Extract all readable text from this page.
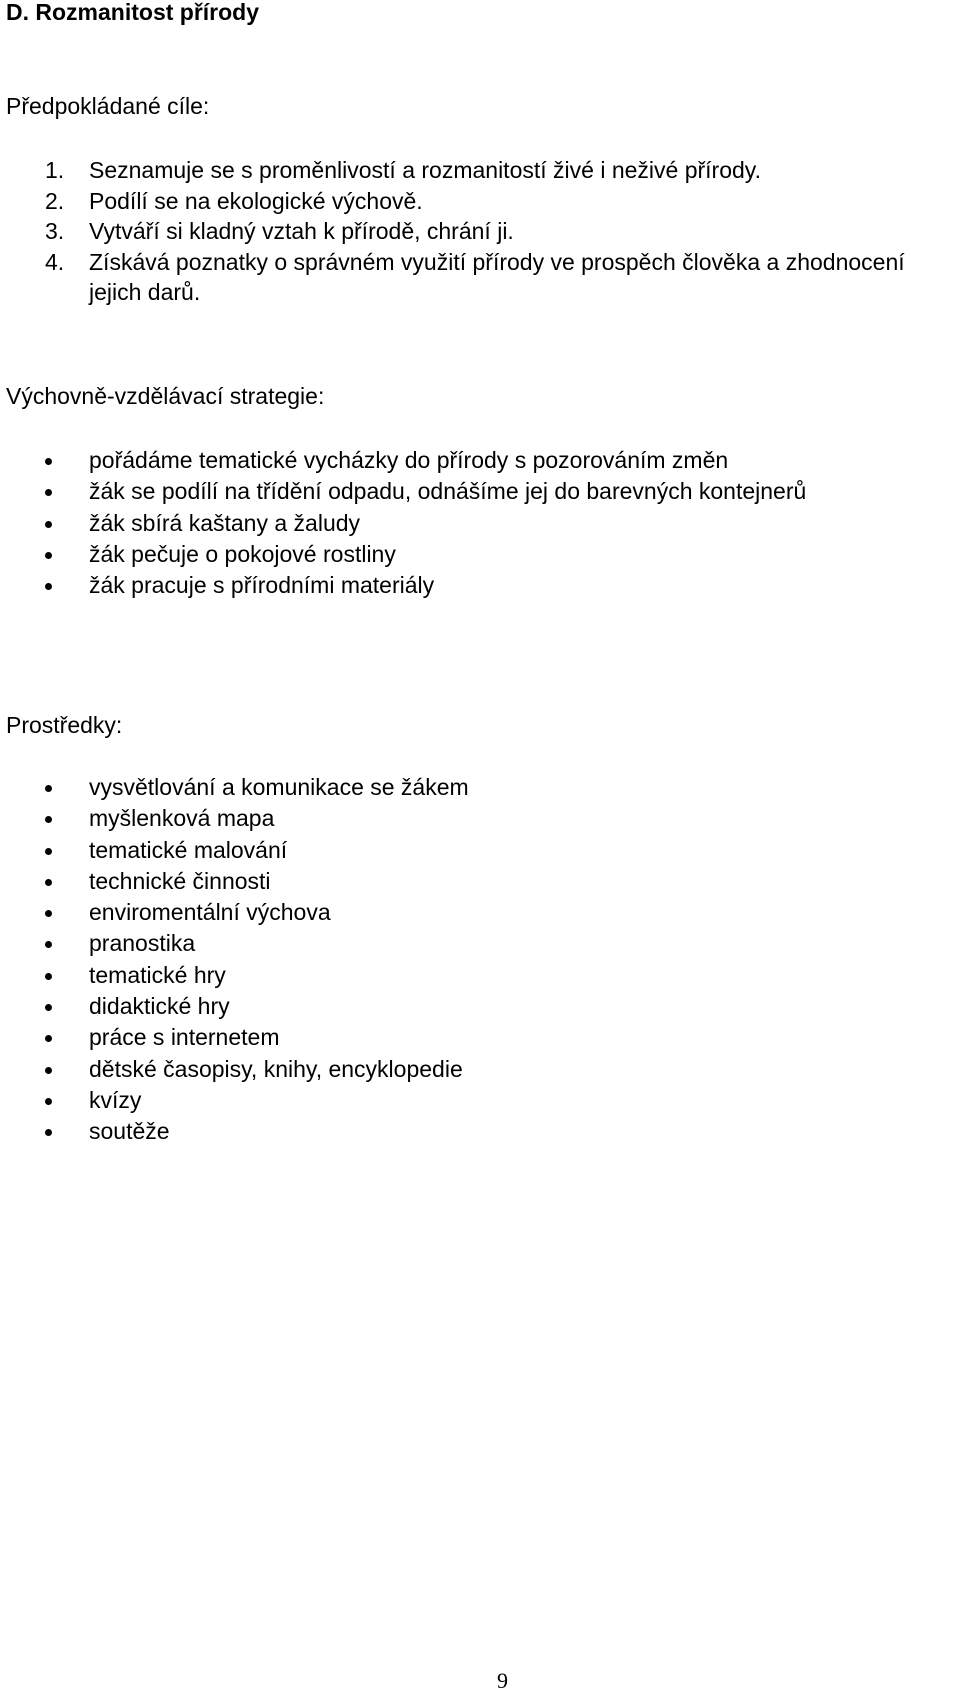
D. Rozmanitost přírody

Předpokládané cíle:

1. Seznamuje se s proměnlivostí a rozmanitostí živé i neživé přírody.
2. Podílí se na ekologické výchově.
3. Vytváří si kladný vztah k přírodě, chrání ji.
4. Získává poznatky o správném využití přírody ve prospěch člověka a zhodnocení jejich darů.

Výchovně-vzdělávací strategie:

pořádáme tematické vycházky do přírody s pozorováním změn
žák se podílí na třídění odpadu, odnášíme jej do barevných kontejnerů
žák sbírá kaštany a žaludy
žák pečuje o pokojové rostliny
žák pracuje s přírodními materiály

Prostředky:

vysvětlování a komunikace se žákem
myšlenková mapa
tematické malování
technické činnosti
enviromentální výchova
pranostika
tematické hry
didaktické hry
práce s internetem
dětské časopisy, knihy, encyklopedie
kvízy
soutěže
9
